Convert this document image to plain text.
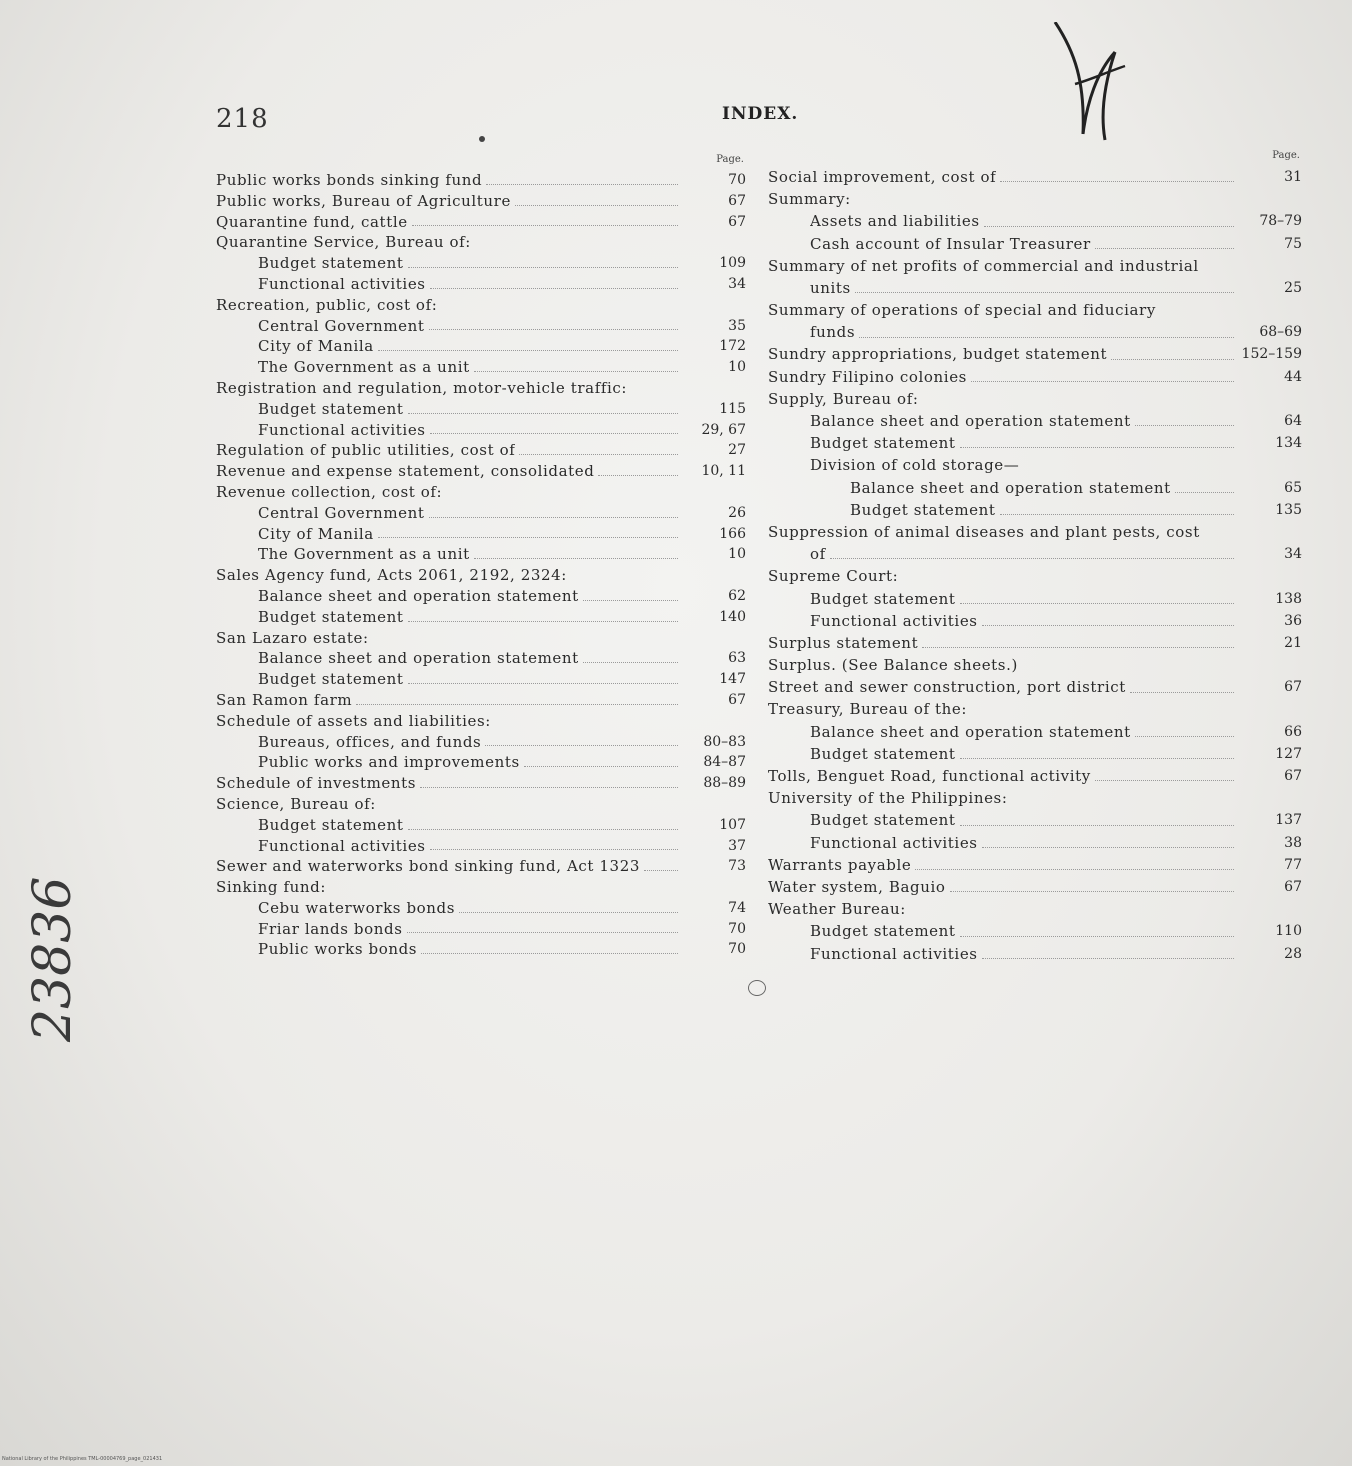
218	INDEX.
23836
Page.
Public works bonds sinking fund	70
Public works, Bureau of Agriculture	67
Quarantine fund, cattle	67
Quarantine Service, Bureau of:
Budget statement	109
Functional activities	34
Recreation, public, cost of:
Central Government	35
City of Manila	172
The Government as a unit	10
Registration and regulation, motor-vehicle traffic:
Budget statement	115
Functional activities	29, 67
Regulation of public utilities, cost of	27
Revenue and expense statement, consolidated	10, 11
Revenue collection, cost of:
Central Government	26
City of Manila	166
The Government as a unit	10
Sales Agency fund, Acts 2061, 2192, 2324:
Balance sheet and operation statement	62
Budget statement	140
San Lazaro estate:
Balance sheet and operation statement	63
Budget statement	147
San Ramon farm	67
Schedule of assets and liabilities:
Bureaus, offices, and funds	80–83
Public works and improvements	84–87
Schedule of investments	88–89
Science, Bureau of:
Budget statement	107
Functional activities	37
Sewer and waterworks bond sinking fund, Act 1323	73
Sinking fund:
Cebu waterworks bonds	74
Friar lands bonds	70
Public works bonds	70
Page.
Social improvement, cost of	31
Summary:
Assets and liabilities	78–79
Cash account of Insular Treasurer	75
Summary of net profits of commercial and industrial
units	25
Summary of operations of special and fiduciary
funds	68–69
Sundry appropriations, budget statement	152–159
Sundry Filipino colonies	44
Supply, Bureau of:
Balance sheet and operation statement	64
Budget statement	134
Division of cold storage—
Balance sheet and operation statement	65
Budget statement	135
Suppression of animal diseases and plant pests, cost
of	34
Supreme Court:
Budget statement	138
Functional activities	36
Surplus statement	21
Surplus. (See Balance sheets.)
Street and sewer construction, port district	67
Treasury, Bureau of the:
Balance sheet and operation statement	66
Budget statement	127
Tolls, Benguet Road, functional activity	67
University of the Philippines:
Budget statement	137
Functional activities	38
Warrants payable	77
Water system, Baguio	67
Weather Bureau:
Budget statement	110
Functional activities	28
National Library of the Philippines TML-00004769_page_021431
